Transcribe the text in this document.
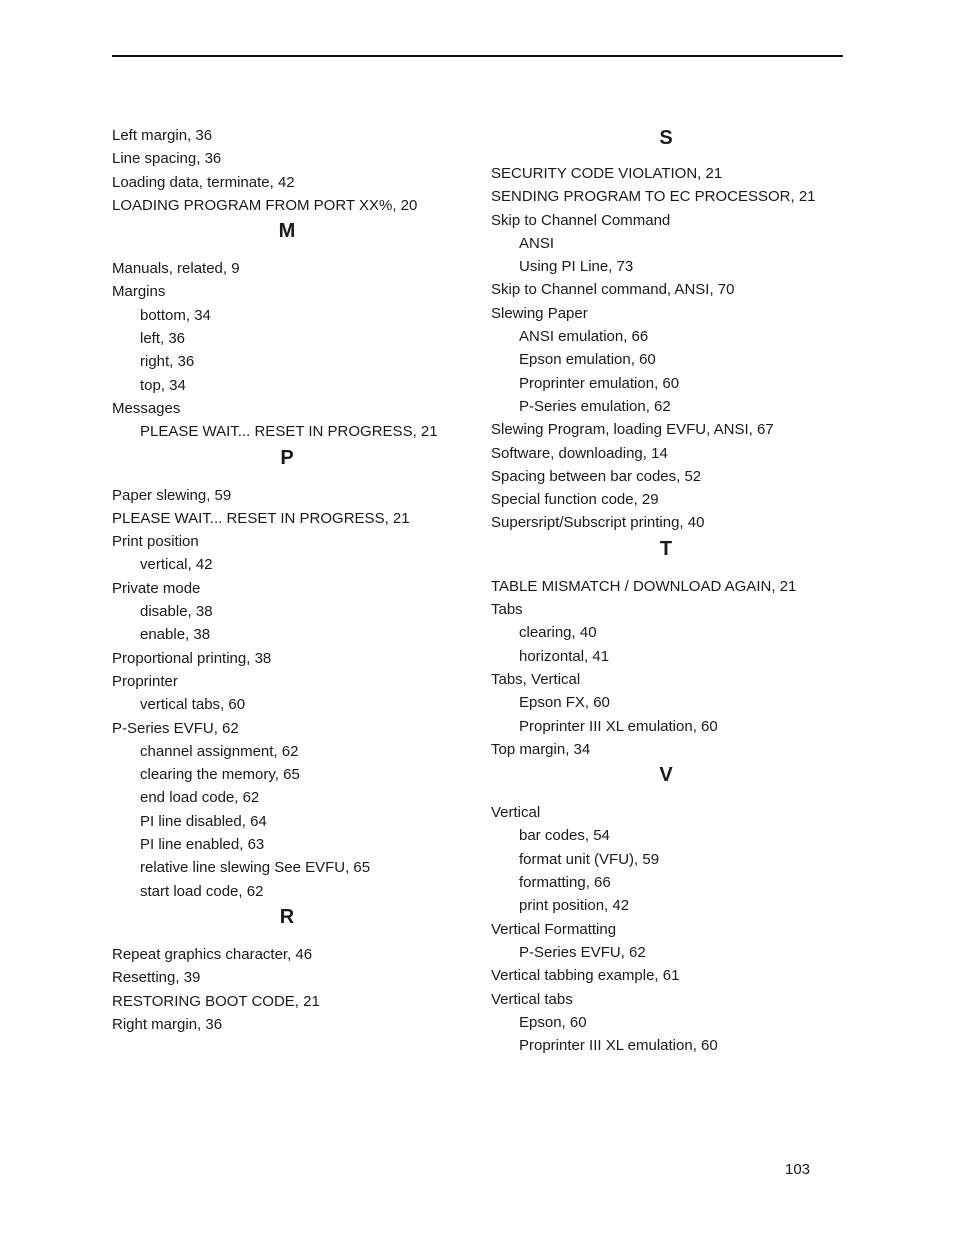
Left margin, 36
Line spacing, 36
Loading data, terminate, 42
LOADING PROGRAM FROM PORT XX%, 20
M
Manuals, related, 9
Margins
bottom, 34
left, 36
right, 36
top, 34
Messages
PLEASE WAIT... RESET IN PROGRESS, 21
P
Paper slewing, 59
PLEASE WAIT... RESET IN PROGRESS, 21
Print position
vertical, 42
Private mode
disable, 38
enable, 38
Proportional printing, 38
Proprinter
vertical tabs, 60
P-Series EVFU, 62
channel assignment, 62
clearing the memory, 65
end load code, 62
PI line disabled, 64
PI line enabled, 63
relative line slewing See EVFU, 65
start load code, 62
R
Repeat graphics character, 46
Resetting, 39
RESTORING BOOT CODE, 21
Right margin, 36
S
SECURITY CODE VIOLATION, 21
SENDING PROGRAM TO EC PROCESSOR, 21
Skip to Channel Command
ANSI
Using PI Line, 73
Skip to Channel command, ANSI, 70
Slewing Paper
ANSI emulation, 66
Epson emulation, 60
Proprinter emulation, 60
P-Series emulation, 62
Slewing Program, loading EVFU, ANSI, 67
Software, downloading, 14
Spacing between bar codes, 52
Special function code, 29
Supersript/Subscript printing, 40
T
TABLE MISMATCH / DOWNLOAD AGAIN, 21
Tabs
clearing, 40
horizontal, 41
Tabs, Vertical
Epson FX, 60
Proprinter III XL emulation, 60
Top margin, 34
V
Vertical
bar codes, 54
format unit (VFU), 59
formatting, 66
print position, 42
Vertical Formatting
P-Series EVFU, 62
Vertical tabbing example, 61
Vertical tabs
Epson, 60
Proprinter III XL emulation, 60
103
